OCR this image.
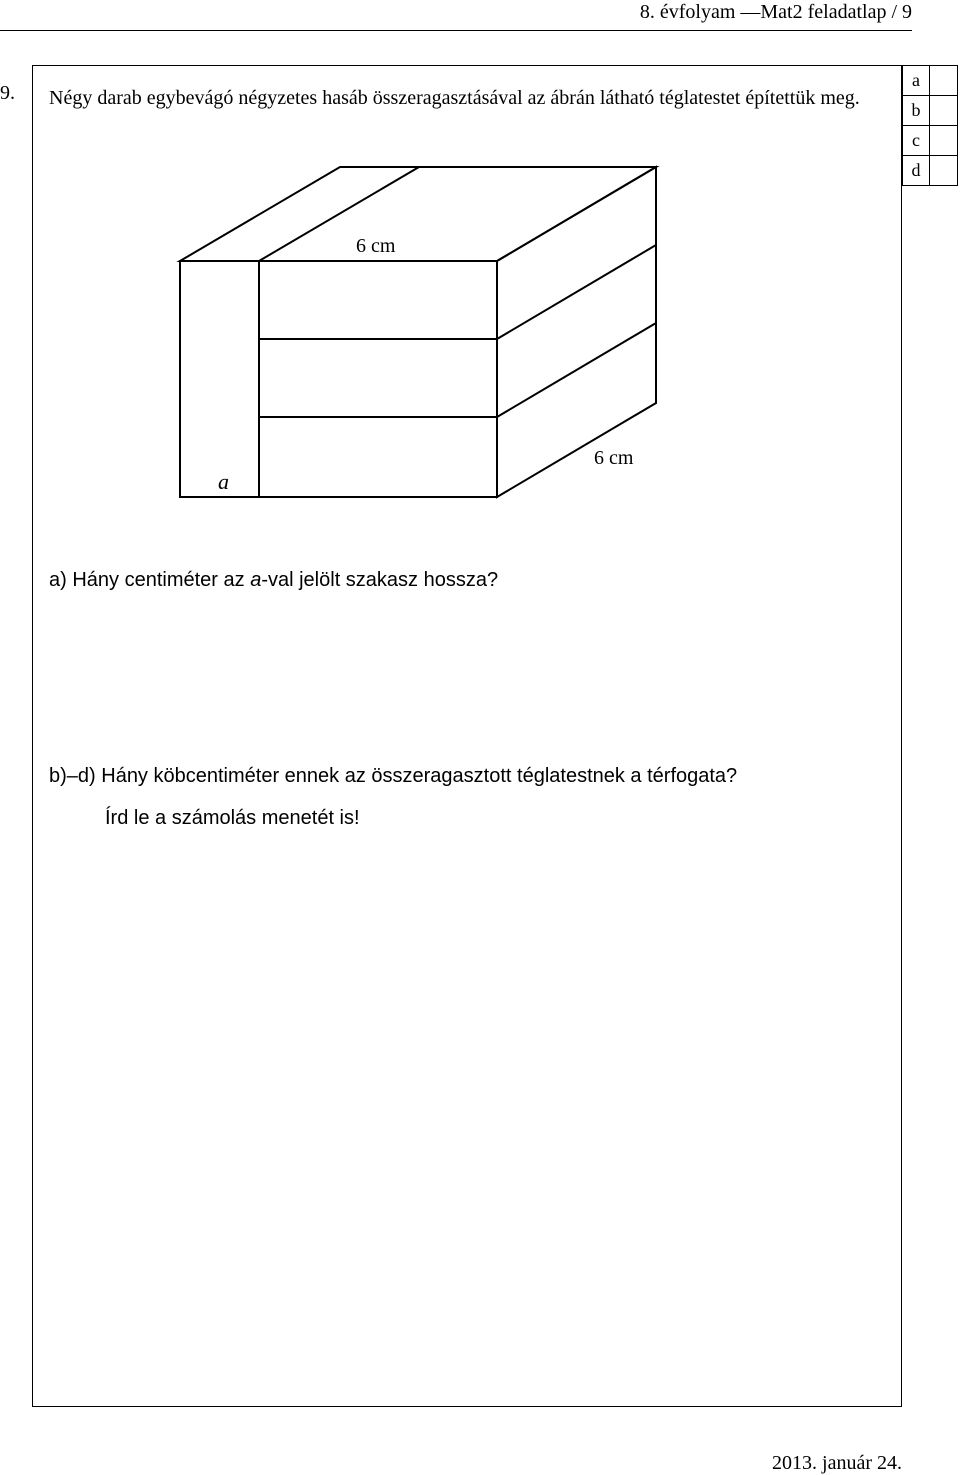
8. évfolyam —Mat2 feladatlap / 9
9. Négy darab egybevágó négyzetes hasáb összeragasztásával az ábrán látható téglatestet építettük meg.
a	
b	
c	
d	
6 cm
6 cm
a
a) Hány centiméter az a-val jelölt szakasz hossza?
b)–d) Hány köbcentiméter ennek az összeragasztott téglatestnek a térfogata?
Írd le a számolás menetét is!
2013. január 24.
